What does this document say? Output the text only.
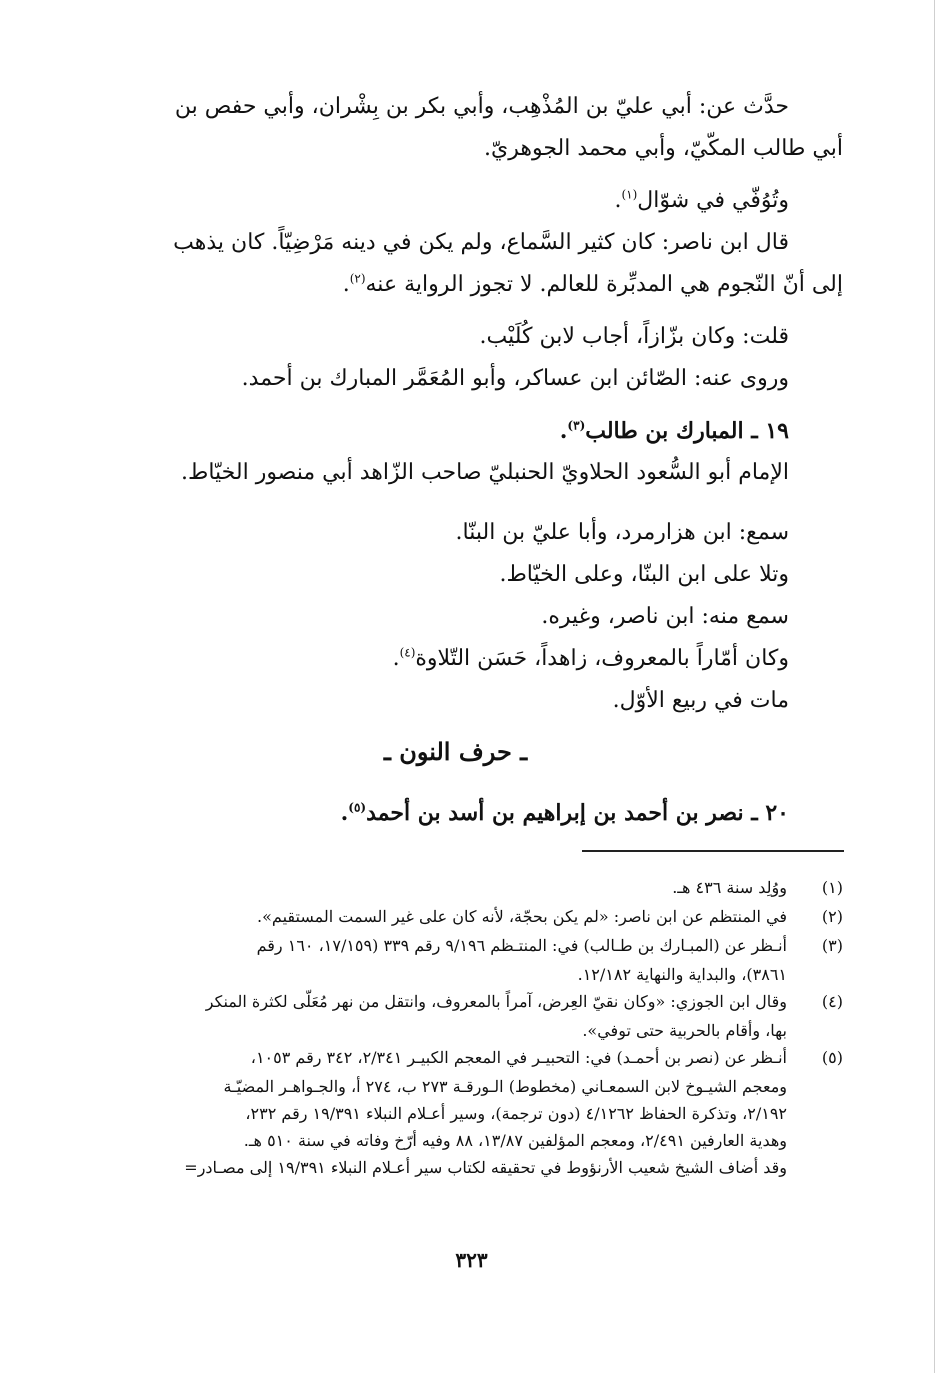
حدَّث عن: أبي عليّ بن المُذْهِب، وأبي بكر بن بِشْران، وأبي حفص بن

أبي طالب المكّيّ، وأبي محمد الجوهريّ.

وتُوُفّي في شوّال$^{(١)}$.

قال ابن ناصر: كان كثير السَّماع، ولم يكن في دينه مَرْضِيّاً. كان يذهب

إلى أنّ النّجوم هي المدبِّرة للعالم. لا تجوز الرواية عنه$^{(٢)}$.

قلت: وكان بزّازاً، أجاب لابن كُلَيْب.

وروى عنه: الصّائن ابن عساكر، وأبو المُعَمَّر المبارك بن أحمد.

١٩ ـ المبارك بن طالب$^{(٣)}$.

الإمام أبو السُّعود الحلاويّ الحنبليّ صاحب الزّاهد أبي منصور الخيّاط.

سمع: ابن هزارمرد، وأبا عليّ بن البنّا.

وتلا على ابن البنّا، وعلى الخيّاط.

سمع منه: ابن ناصر، وغيره.

وكان أمّاراً بالمعروف، زاهداً، حَسَن التّلاوة$^{(٤)}$.

مات في ربيع الأوّل.

ـ حرف النون ـ

٢٠ ـ نصر بن أحمد بن إبراهيم بن أسد بن أحمد$^{(٥)}$.

(١)
ووُلِد سنة ٤٣٦ هـ.
(٢)
في المنتظم عن ابن ناصر: «لم يكن بحجّة، لأنه كان على غير السمت المستقيم».
(٣)
أنـظر عن (المبـارك بن طـالب) في: المنتـظم ٩/١٩٦ رقم ٣٣٩ (١٧/١٥٩، ١٦٠ رقم
٣٨٦١)، والبداية والنهاية ١٢/١٨٢.
(٤)
وقال ابن الجوزي: «وكان نقيّ العِرض، آمراً بالمعروف، وانتقل من نهر مُعَلّى لكثرة المنكر
بها، وأقام بالحربية حتى توفي».
(٥)
أنـظر عن (نصر بن أحمـد) في: التحبيـر في المعجم الكبيـر ٢/٣٤١، ٣٤٢ رقم ١٠٥٣،
ومعجم الشيـوخ لابن السمعـاني (مخطوط) الـورقـة ٢٧٣ ب، ٢٧٤ أ، والجـواهـر المضيّـة
٢/١٩٢، وتذكرة الحفاظ ٤/١٢٦٢ (دون ترجمة)، وسير أعـلام النبلاء ١٩/٣٩١ رقم ٢٣٢،
وهدية العارفين ٢/٤٩١، ومعجم المؤلفين ١٣/٨٧، ٨٨ وفيه أرّخ وفاته في سنة ٥١٠ هـ.
وقد أضاف الشيخ شعيب الأرنؤوط في تحقيقه لكتاب سير أعـلام النبلاء ١٩/٣٩١ إلى مصـادر=
٣٢٣
